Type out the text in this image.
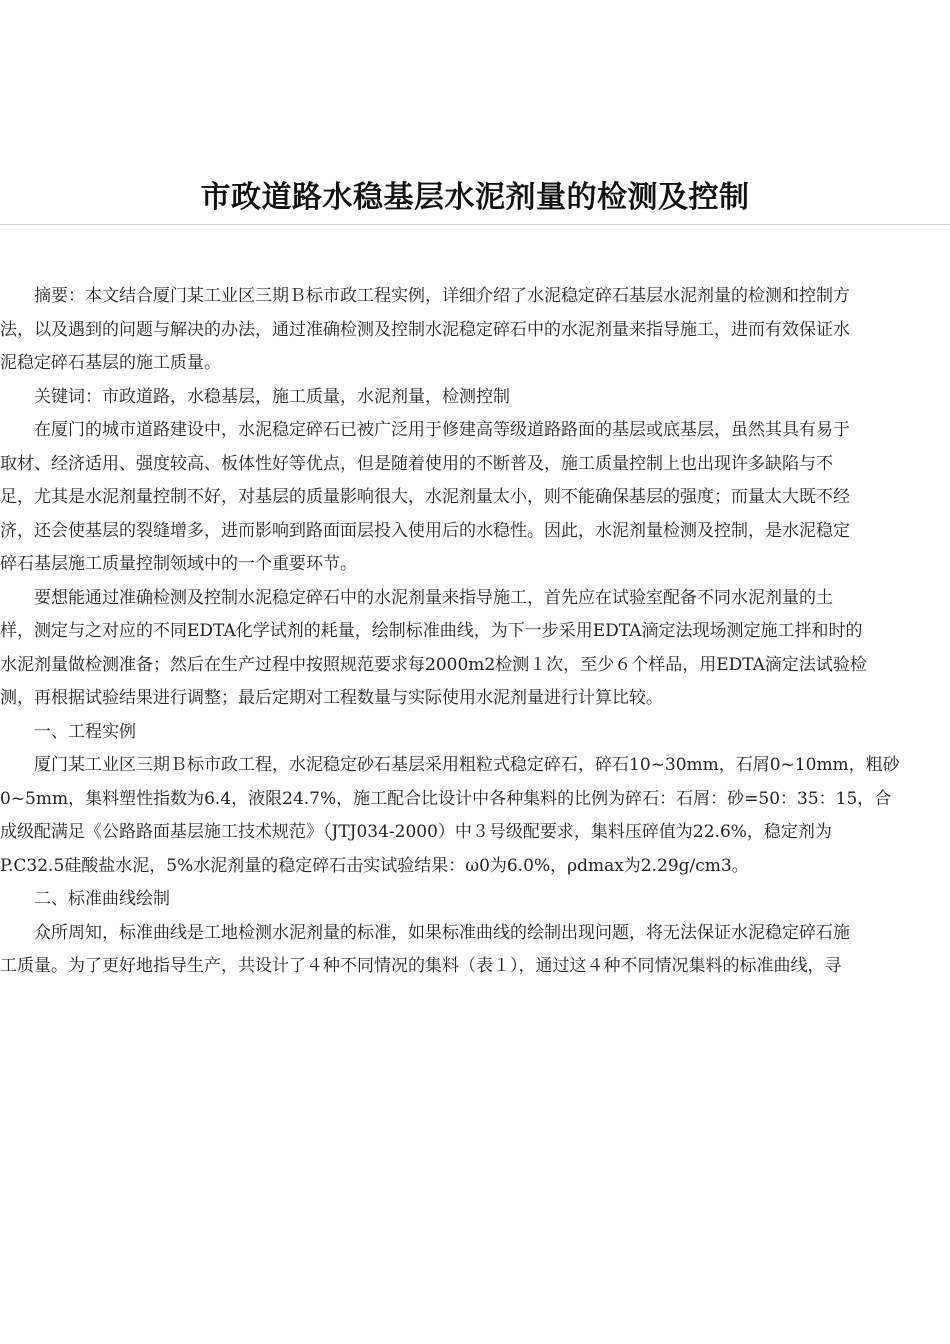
市政道路水稳基层水泥剂量的检测及控制
摘要：本文结合厦门某工业区三期Ｂ标市政工程实例，详细介绍了水泥稳定碎石基层水泥剂量的检测和控制方
法，以及遇到的问题与解决的办法，通过准确检测及控制水泥稳定碎石中的水泥剂量来指导施工，进而有效保证水
泥稳定碎石基层的施工质量。
关键词：市政道路，水稳基层，施工质量，水泥剂量，检测控制
在厦门的城市道路建设中，水泥稳定碎石已被广泛用于修建高等级道路路面的基层或底基层，虽然其具有易于
取材、经济适用、强度较高、板体性好等优点，但是随着使用的不断普及，施工质量控制上也出现许多缺陷与不
足，尤其是水泥剂量控制不好，对基层的质量影响很大，水泥剂量太小，则不能确保基层的强度；而量太大既不经
济，还会使基层的裂缝增多，进而影响到路面面层投入使用后的水稳性。因此，水泥剂量检测及控制，是水泥稳定
碎石基层施工质量控制领域中的一个重要环节。
要想能通过准确检测及控制水泥稳定碎石中的水泥剂量来指导施工，首先应在试验室配备不同水泥剂量的土
样，测定与之对应的不同EDTA化学试剂的耗量，绘制标准曲线，为下一步采用EDTA滴定法现场测定施工拌和时的
水泥剂量做检测准备；然后在生产过程中按照规范要求每2000m2检测１次，至少６个样品，用EDTA滴定法试验检
测，再根据试验结果进行调整；最后定期对工程数量与实际使用水泥剂量进行计算比较。
一、工程实例
厦门某工业区三期Ｂ标市政工程，水泥稳定砂石基层采用粗粒式稳定碎石，碎石10~30mm，石屑0~10mm，粗砂
0~5mm，集料塑性指数为6.4，液限24.7%，施工配合比设计中各种集料的比例为碎石：石屑：砂=50：35：15，合
成级配满足《公路路面基层施工技术规范》（JTJ034-2000）中３号级配要求，集料压碎值为22.6%，稳定剂为
P.C32.5硅酸盐水泥，5%水泥剂量的稳定碎石击实试验结果：ω0为6.0%，ρdmax为2.29g/cm3。
二、标准曲线绘制
众所周知，标准曲线是工地检测水泥剂量的标准，如果标准曲线的绘制出现问题，将无法保证水泥稳定碎石施
工质量。为了更好地指导生产，共设计了４种不同情况的集料（表１），通过这４种不同情况集料的标准曲线，寻
